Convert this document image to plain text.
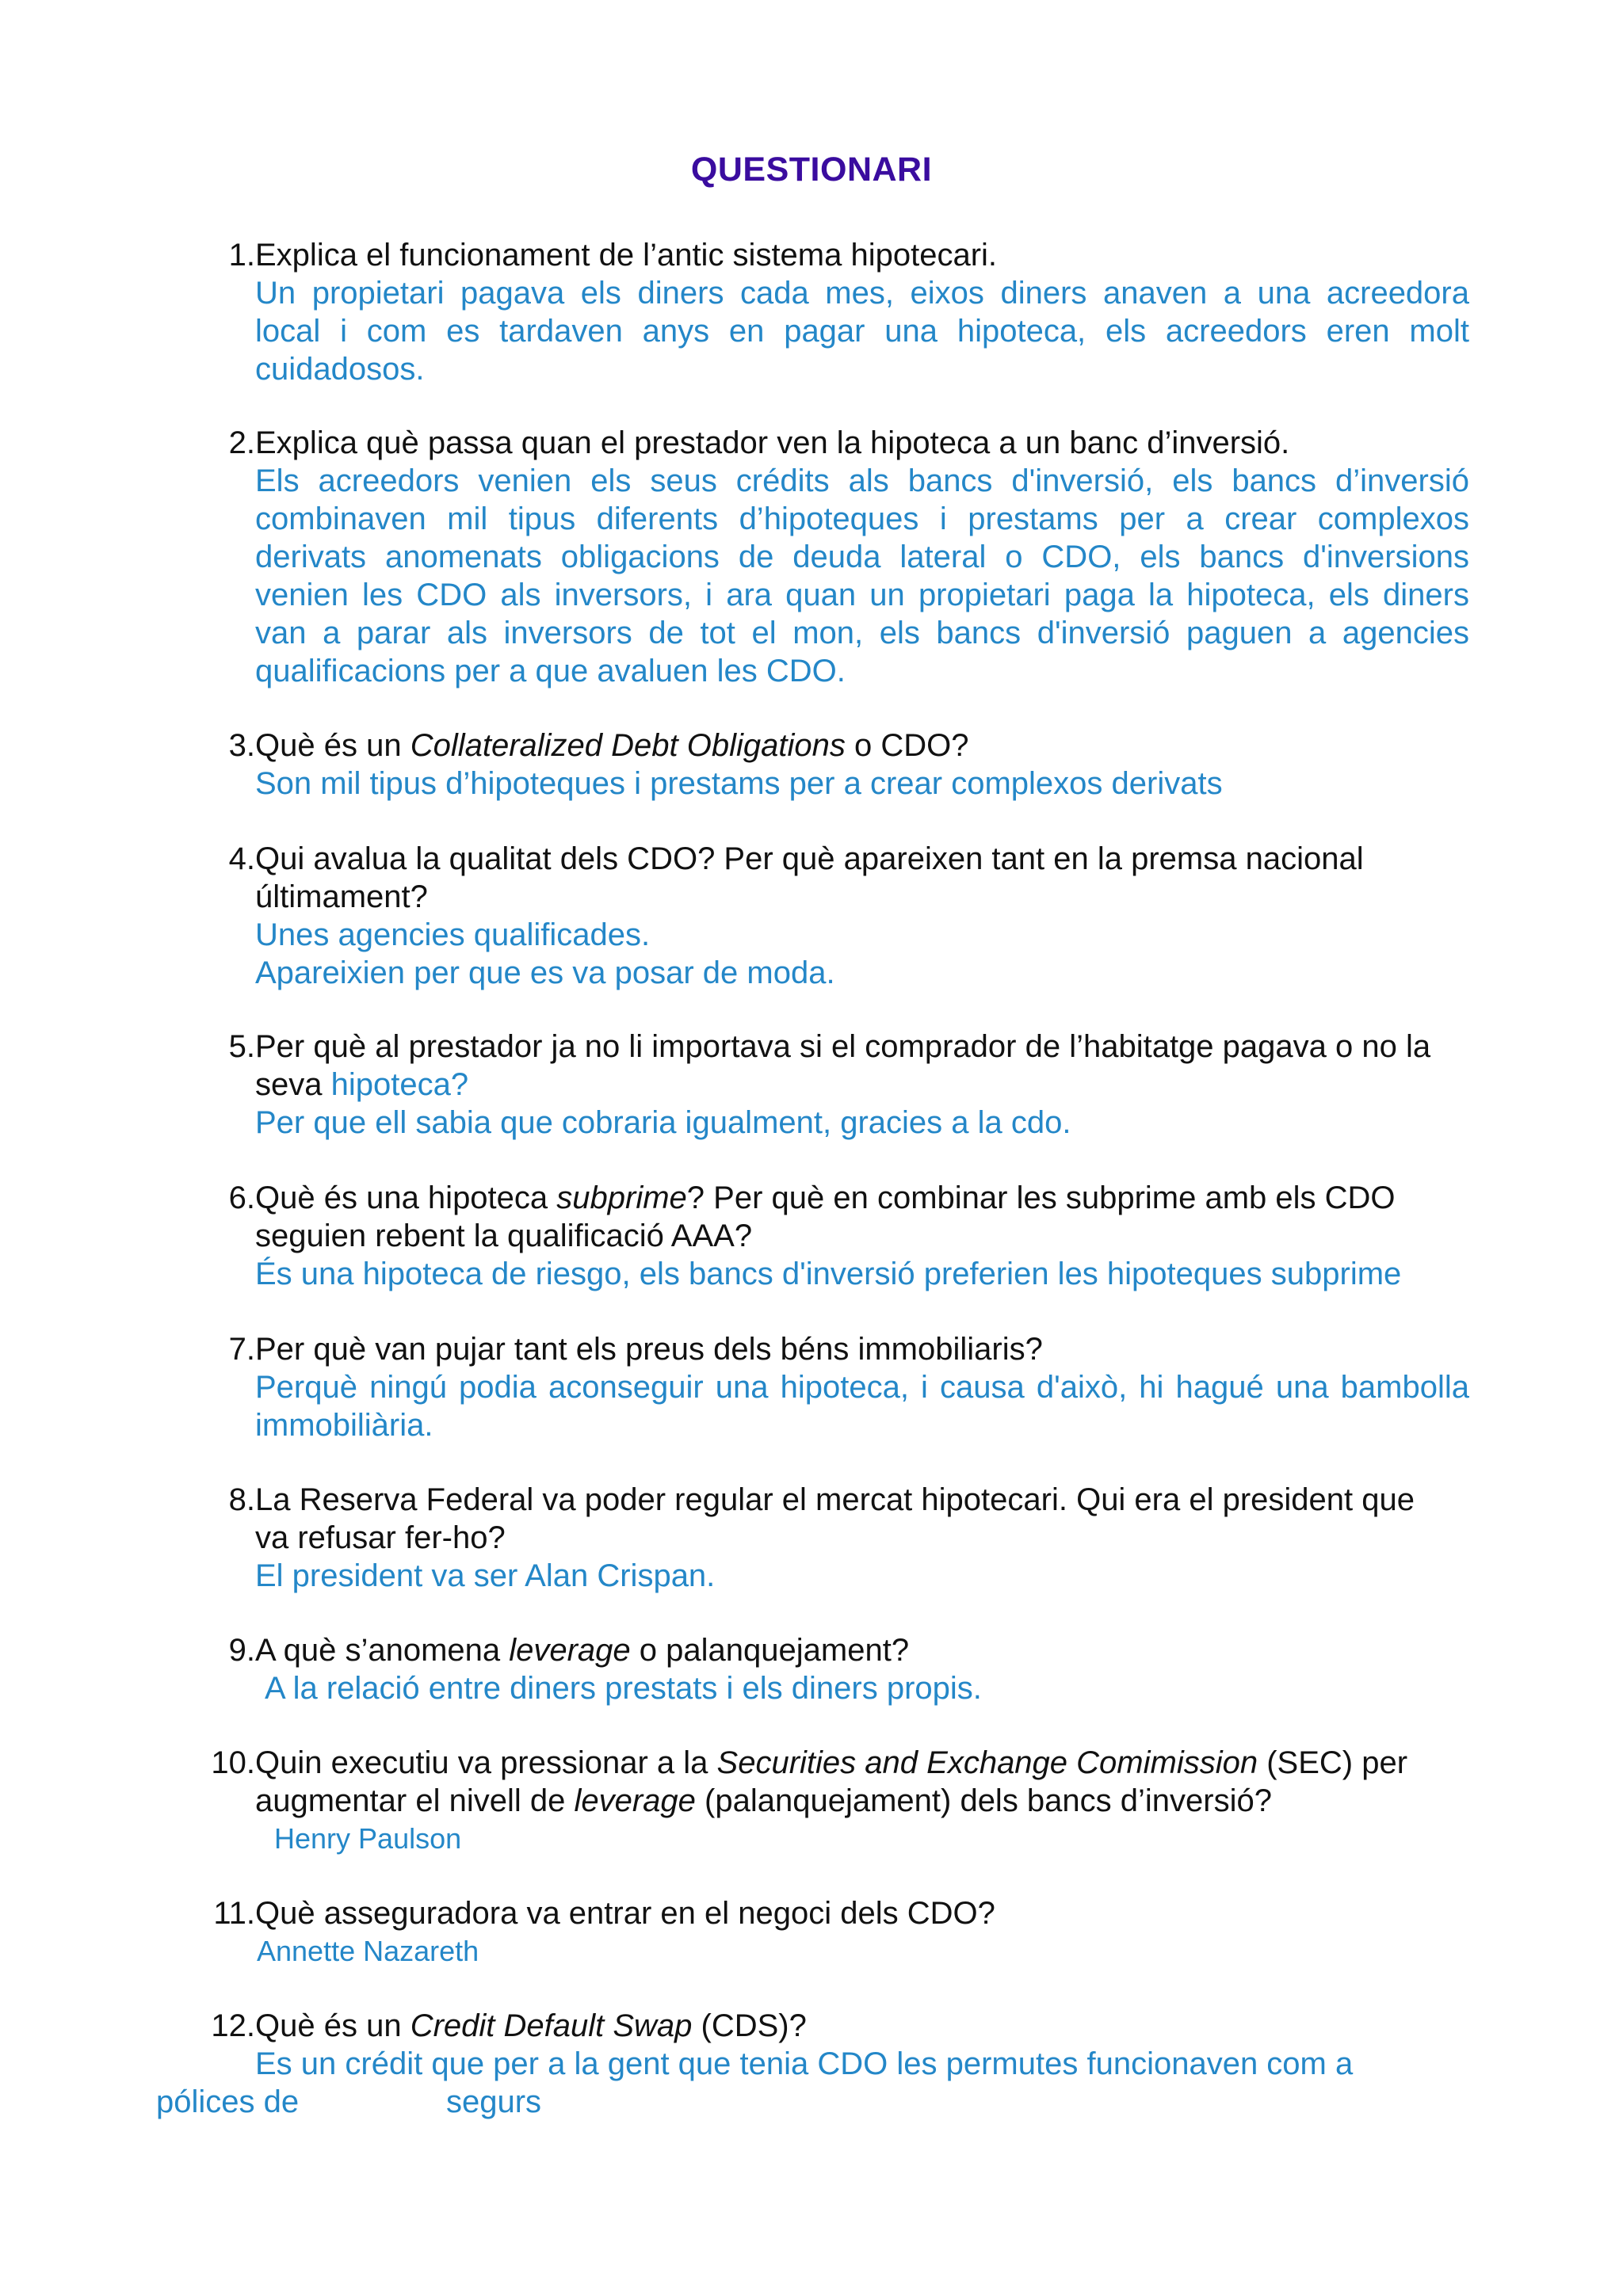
QUESTIONARI
1. Explica el funcionament de l’antic sistema hipotecari.
Un propietari pagava els diners cada mes, eixos diners anaven a una acreedora
local i com es tardaven anys en pagar una hipoteca, els acreedors eren molt
cuidadosos.
2. Explica què passa quan el prestador ven la hipoteca a un banc d’inversió.
Els acreedors venien els seus crédits als bancs d'inversió, els bancs d’inversió
combinaven mil tipus diferents d’hipoteques i prestams per a crear complexos
derivats anomenats obligacions de deuda lateral o CDO, els bancs d'inversions
venien les CDO als inversors, i ara quan un propietari paga la hipoteca, els diners
van a parar als inversors de tot el mon, els bancs d'inversió paguen a agencies
qualificacions per a que avaluen les CDO.
3. Què és un Collateralized Debt Obligations o CDO?
Son mil tipus d’hipoteques i prestams per a crear complexos derivats
4. Qui avalua la qualitat dels CDO? Per què apareixen tant en la premsa nacional
últimament?
Unes agencies qualificades.
Apareixien per que es va posar de moda.
5. Per què al prestador ja no li importava si el comprador de l’habitatge pagava o no la
seva hipoteca?
Per que ell sabia que cobraria igualment, gracies a la cdo.
6. Què és una hipoteca subprime? Per què en combinar les subprime amb els CDO
seguien rebent la qualificació AAA?
És una hipoteca de riesgo, els bancs d'inversió preferien les hipoteques subprime
7. Per què van pujar tant els preus dels béns immobiliaris?
Perquè ningú podia aconseguir una hipoteca, i causa d'això, hi hagué una bambolla
immobiliària.
8. La Reserva Federal va poder regular el mercat hipotecari. Qui era el president que
va refusar fer-ho?
El president va ser Alan Crispan.
9. A què s’anomena leverage o palanquejament?
A la relació entre diners prestats i els diners propis.
10. Quin executiu va pressionar a la Securities and Exchange Comimission (SEC) per
augmentar el nivell de leverage (palanquejament) dels bancs d’inversió?
Henry Paulson
11. Què asseguradora va entrar en el negoci dels CDO?
Annette Nazareth
12. Què és un Credit Default Swap (CDS)?
Es un crédit que per a la gent que tenia CDO les permutes funcionaven com a
pólices de	segurs
